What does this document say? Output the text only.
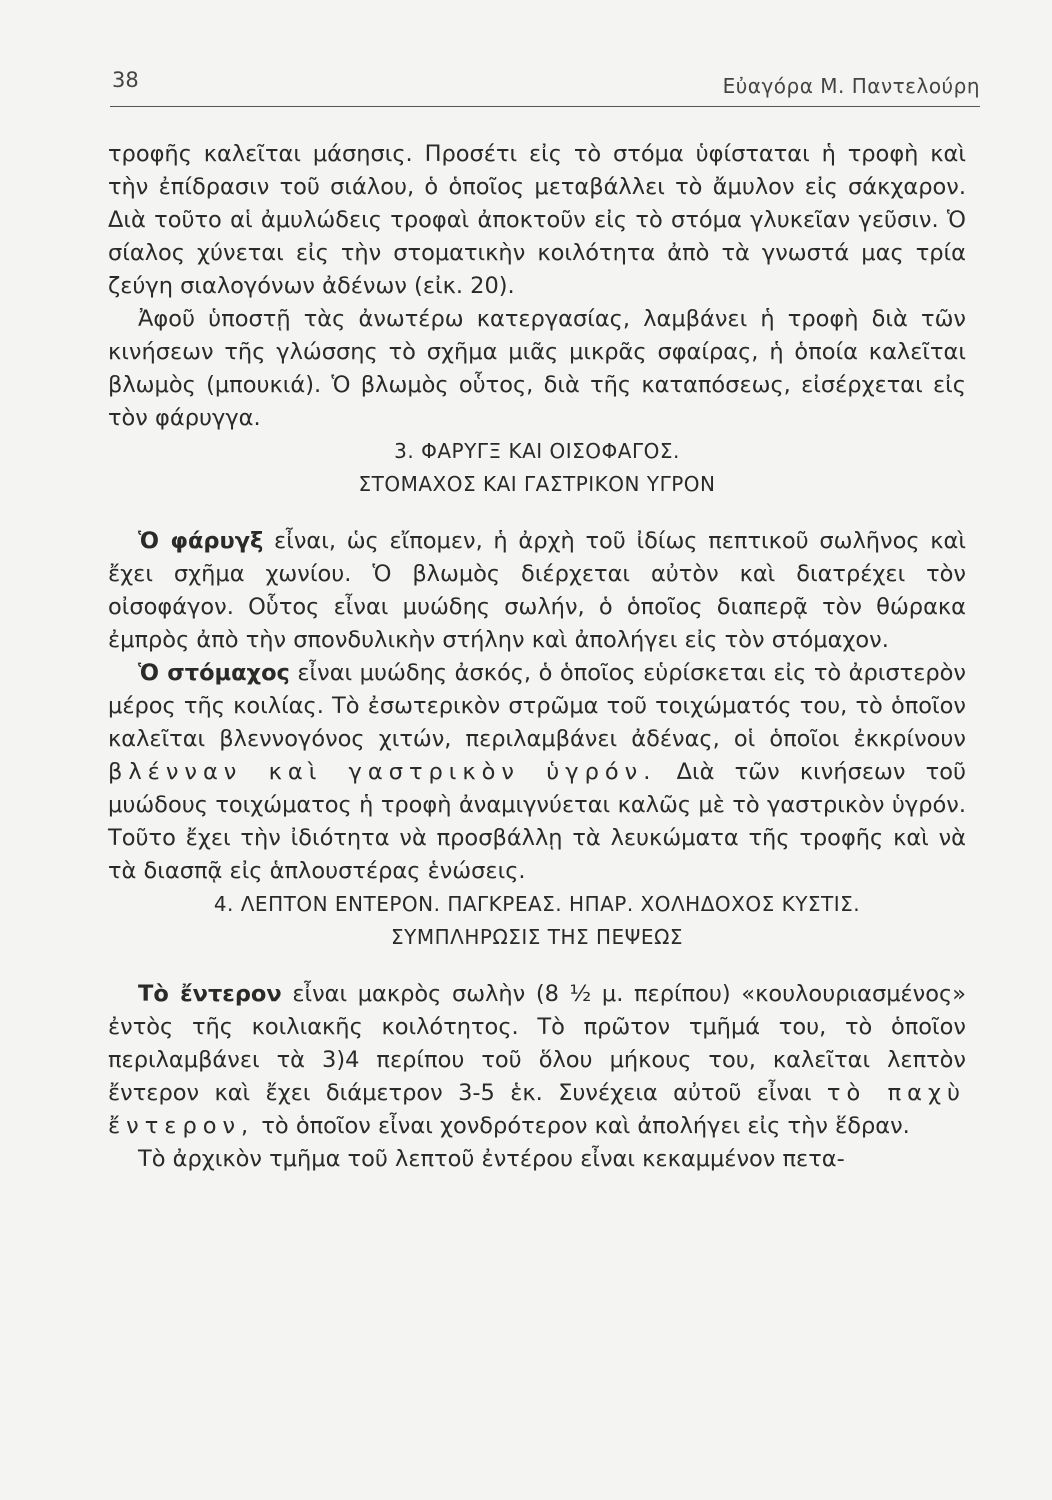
38	Εὐαγόρα Μ. Παντελούρη

τροφῆς καλεῖται μάσησις. Προσέτι εἰς τὸ στόμα ὑφίσταται ἡ τροφὴ καὶ τὴν ἐπίδρασιν τοῦ σιάλου, ὁ ὁποῖος μεταβάλλει τὸ ἄμυλον εἰς σάκχαρον. Διὰ τοῦτο αἱ ἀμυλώδεις τροφαὶ ἀποκτοῦν εἰς τὸ στόμα γλυκεῖαν γεῦσιν. Ὁ σίαλος χύνεται εἰς τὴν στοματικὴν κοιλότητα ἀπὸ τὰ γνωστά μας τρία ζεύγη σιαλογόνων ἀδένων (εἰκ. 20).

Ἀφοῦ ὑποστῇ τὰς ἀνωτέρω κατεργασίας, λαμβάνει ἡ τροφὴ διὰ τῶν κινήσεων τῆς γλώσσης τὸ σχῆμα μιᾶς μικρᾶς σφαίρας, ἡ ὁποία καλεῖται βλωμὸς (μπουκιά). Ὁ βλωμὸς οὗτος, διὰ τῆς καταπόσεως, εἰσέρχεται εἰς τὸν φάρυγγα.

3. ΦΑΡΥΓΞ ΚΑΙ ΟΙΣΟΦΑΓΟΣ.

ΣΤΟΜΑΧΟΣ ΚΑΙ ΓΑΣΤΡΙΚΟΝ ΥΓΡΟΝ

Ὁ φάρυγξ εἶναι, ὡς εἴπομεν, ἡ ἀρχὴ τοῦ ἰδίως πεπτικοῦ σωλῆνος καὶ ἔχει σχῆμα χωνίου. Ὁ βλωμὸς διέρχεται αὐτὸν καὶ διατρέχει τὸν οἰσοφάγον. Οὗτος εἶναι μυώδης σωλήν, ὁ ὁποῖος διαπερᾷ τὸν θώρακα ἐμπρὸς ἀπὸ τὴν σπονδυλικὴν στήλην καὶ ἀπολήγει εἰς τὸν στόμαχον.

Ὁ στόμαχος εἶναι μυώδης ἀσκός, ὁ ὁποῖος εὑρίσκεται εἰς τὸ ἀριστερὸν μέρος τῆς κοιλίας. Τὸ ἐσωτερικὸν στρῶμα τοῦ τοιχώματός του, τὸ ὁποῖον καλεῖται βλεννογόνος χιτών, περιλαμβάνει ἀδένας, οἱ ὁποῖοι ἐκκρίνουν βλένναν καὶ γαστρικὸν ὑγρόν. Διὰ τῶν κινήσεων τοῦ μυώδους τοιχώματος ἡ τροφὴ ἀναμιγνύεται καλῶς μὲ τὸ γαστρικὸν ὑγρόν. Τοῦτο ἔχει τὴν ἰδιότητα νὰ προσβάλλῃ τὰ λευκώματα τῆς τροφῆς καὶ νὰ τὰ διασπᾷ εἰς ἁπλουστέρας ἑνώσεις.

4. ΛΕΠΤΟΝ ΕΝΤΕΡΟΝ. ΠΑΓΚΡΕΑΣ. ΗΠΑΡ. ΧΟΛΗΔΟΧΟΣ ΚΥΣΤΙΣ.

ΣΥΜΠΛΗΡΩΣΙΣ ΤΗΣ ΠΕΨΕΩΣ

Τὸ ἔντερον εἶναι μακρὸς σωλὴν (8 ½ μ. περίπου) «κουλουριασμένος» ἐντὸς τῆς κοιλιακῆς κοιλότητος. Τὸ πρῶτον τμῆμά του, τὸ ὁποῖον περιλαμβάνει τὰ 3)4 περίπου τοῦ ὅλου μήκους του, καλεῖται λεπτὸν ἔντερον καὶ ἔχει διάμετρον 3-5 ἑκ. Συνέχεια αὐτοῦ εἶναι τὸ παχὺ ἔντερον, τὸ ὁποῖον εἶναι χονδρότερον καὶ ἀπολήγει εἰς τὴν ἕδραν.

Τὸ ἀρχικὸν τμῆμα τοῦ λεπτοῦ ἐντέρου εἶναι κεκαμμένον πετα-
